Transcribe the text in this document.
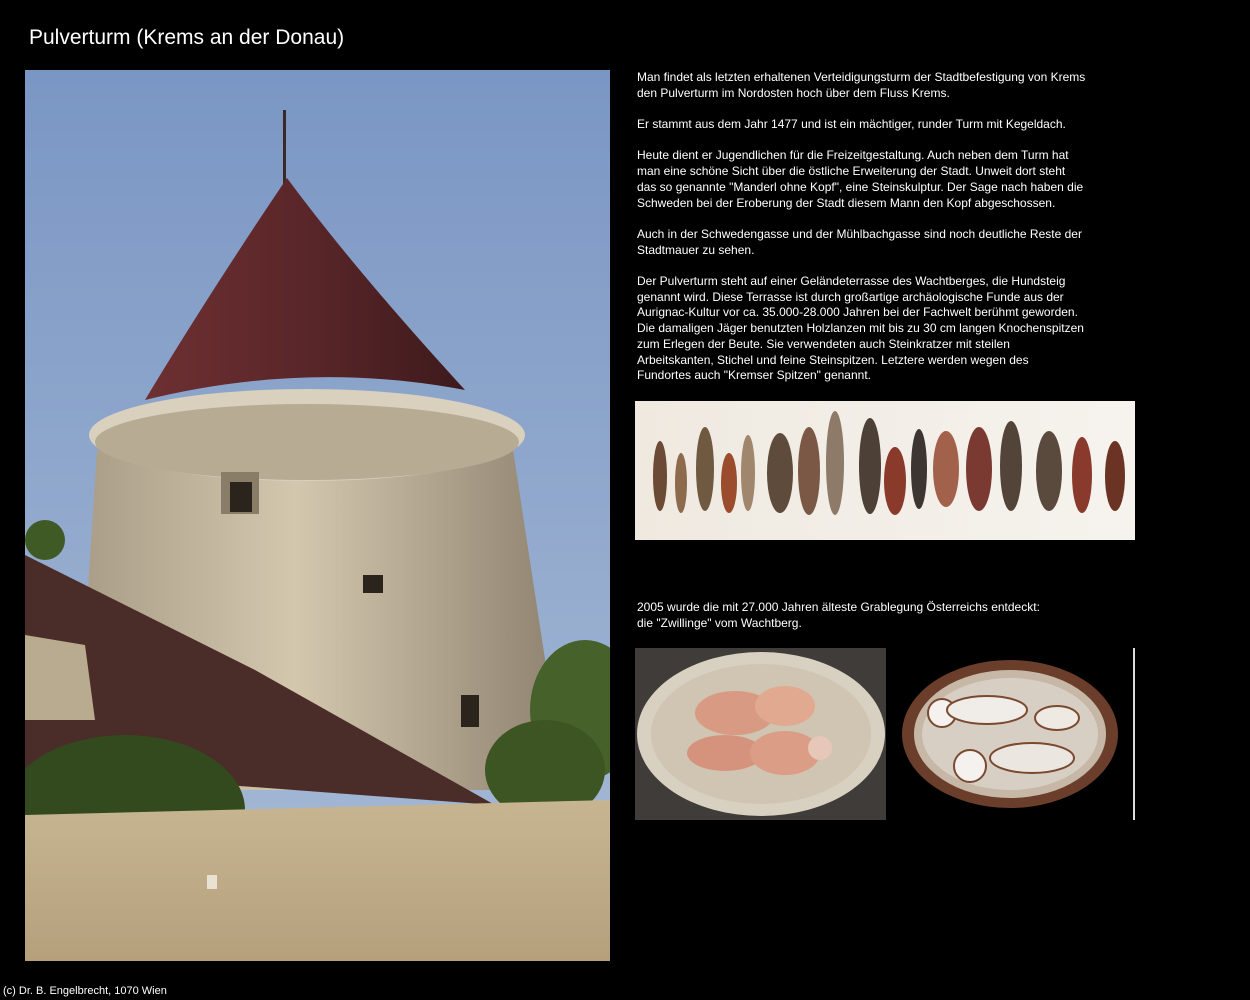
Pulverturm (Krems an der Donau)

Man findet als letzten erhaltenen Verteidigungsturm der Stadtbefestigung von Krems
den Pulverturm im Nordosten hoch über dem Fluss Krems.

Er stammt aus dem Jahr 1477 und ist ein mächtiger, runder Turm mit Kegeldach.

Heute dient er Jugendlichen für die Freizeitgestaltung. Auch neben dem Turm hat
man eine schöne Sicht über die östliche Erweiterung der Stadt. Unweit dort steht
das so genannte "Manderl ohne Kopf", eine Steinskulptur. Der Sage nach haben die
Schweden bei der Eroberung der Stadt diesem Mann den Kopf abgeschossen.

Auch in der Schwedengasse und der Mühlbachgasse sind noch deutliche Reste der
Stadtmauer zu sehen.

Der Pulverturm steht auf einer Geländeterrasse des Wachtberges, die Hundsteig
genannt wird. Diese Terrasse ist durch großartige archäologische Funde aus der
Aurignac-Kultur vor ca. 35.000-28.000 Jahren bei der Fachwelt berühmt geworden.
Die damaligen Jäger benutzten Holzlanzen mit bis zu 30 cm langen Knochenspitzen
zum Erlegen der Beute. Sie verwendeten auch Steinkratzer mit steilen
Arbeitskanten, Stichel und feine Steinspitzen. Letztere werden wegen des
Fundortes auch "Kremser Spitzen" genannt.

2005 wurde die mit 27.000 Jahren älteste Grablegung Österreichs entdeckt:
die "Zwillinge" vom Wachtberg.

(c) Dr. B. Engelbrecht, 1070 Wien
